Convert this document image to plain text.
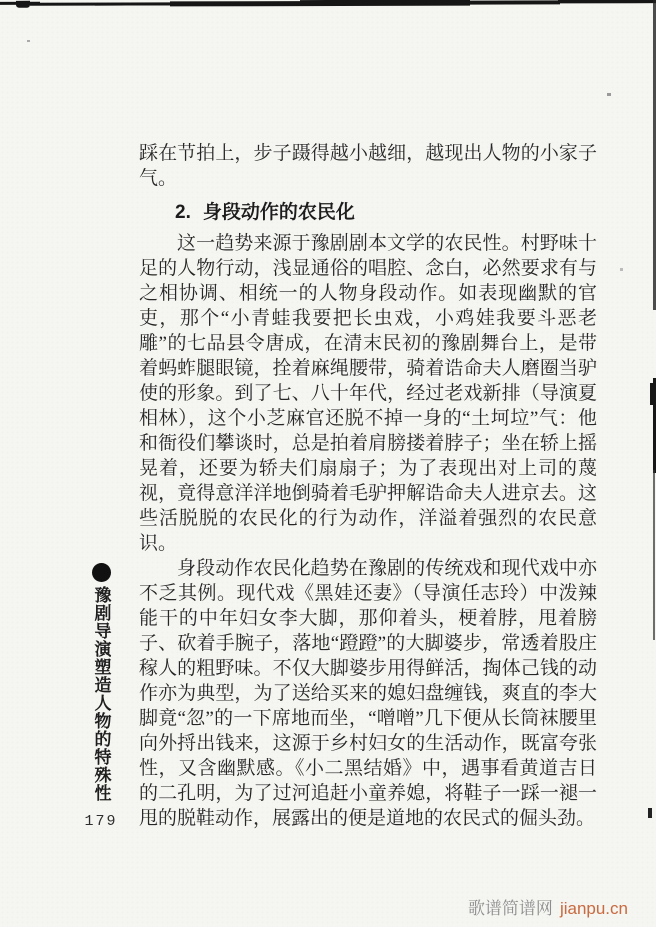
豫剧导演塑造人物的特殊性
179

踩在节拍上，步子蹑得越小越细，越现出人物的小家子气。

2. 身段动作的农民化

这一趋势来源于豫剧剧本文学的农民性。村野味十足的人物行动，浅显通俗的唱腔、念白，必然要求有与之相协调、相统一的人物身段动作。如表现幽默的官吏，那个“小青蛙我要把长虫戏，小鸡娃我要斗恶老雕”的七品县令唐成，在清末民初的豫剧舞台上，是带着蚂蚱腿眼镜，拴着麻绳腰带，骑着诰命夫人磨圈当驴使的形象。到了七、八十年代，经过老戏新排（导演夏相林），这个小芝麻官还脱不掉一身的“土坷垃”气：他和衙役们攀谈时，总是拍着肩膀搂着脖子；坐在轿上摇晃着，还要为轿夫们扇扇子；为了表现出对上司的蔑视，竟得意洋洋地倒骑着毛驴押解诰命夫人进京去。这些活脱脱的农民化的行为动作，洋溢着强烈的农民意识。

身段动作农民化趋势在豫剧的传统戏和现代戏中亦不乏其例。现代戏《黑娃还妻》（导演任志玲）中泼辣能干的中年妇女李大脚，那仰着头，梗着脖，甩着膀子、砍着手腕子，落地“蹬蹬”的大脚婆步，常透着股庄稼人的粗野味。不仅大脚婆步用得鲜活，掏体己钱的动作亦为典型，为了送给买来的媳妇盘缠钱，爽直的李大脚竟“忽”的一下席地而坐，“噌噌”几下便从长筒袜腰里向外捋出钱来，这源于乡村妇女的生活动作，既富夸张性，又含幽默感。《小二黑结婚》中，遇事看黄道吉日的二孔明，为了过河追赶小童养媳，将鞋子一踩一褪一甩的脱鞋动作，展露出的便是道地的农民式的倔头劲。

歌谱简谱网 jianpu.cn
